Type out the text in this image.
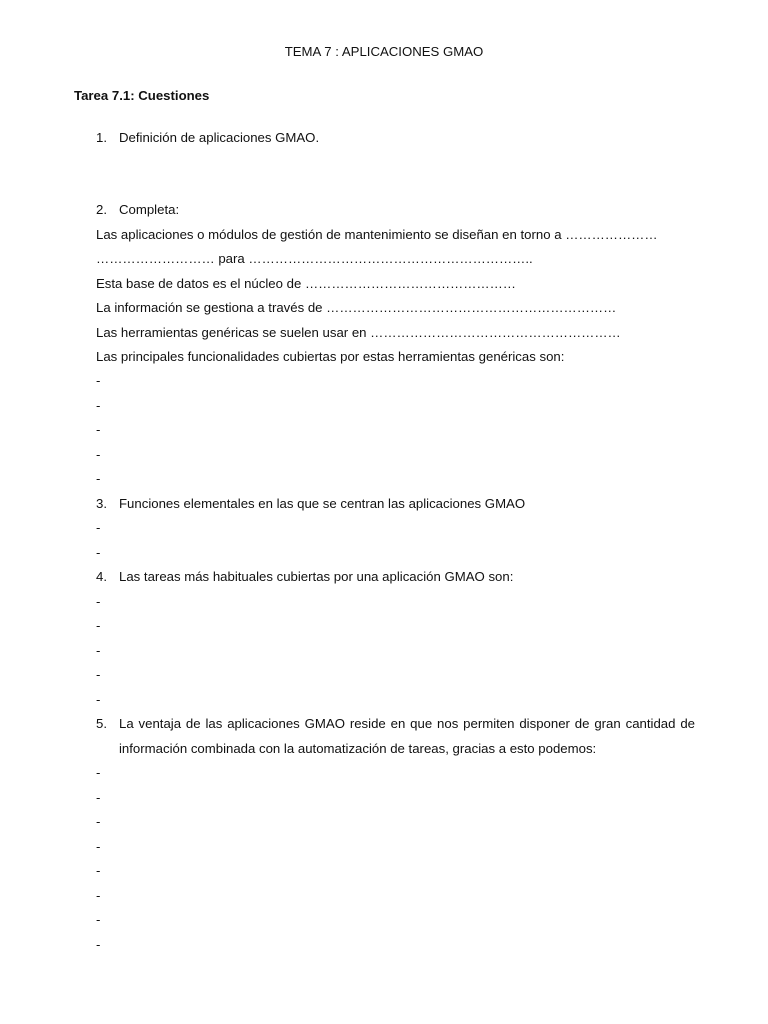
TEMA 7 : APLICACIONES GMAO
Tarea 7.1: Cuestiones
1. Definición de aplicaciones GMAO.
2. Completa:
Las aplicaciones o módulos de gestión de mantenimiento se diseñan en torno a …………………
……………………… para ………………………………………………………..
Esta base de datos es el núcleo de …………………………………………
La información se gestiona a través de …………………………………………………………
Las herramientas genéricas se suelen usar en …………………………………………………
Las principales funcionalidades cubiertas por estas herramientas genéricas son:
-
-
-
-
-
3. Funciones elementales en las que se centran las aplicaciones GMAO
-
-
4. Las tareas más habituales cubiertas por una aplicación GMAO son:
-
-
-
-
-
5. La ventaja de las aplicaciones GMAO reside en que nos permiten disponer de gran cantidad de
información combinada con la automatización de tareas, gracias a esto podemos:
-
-
-
-
-
-
-
-
